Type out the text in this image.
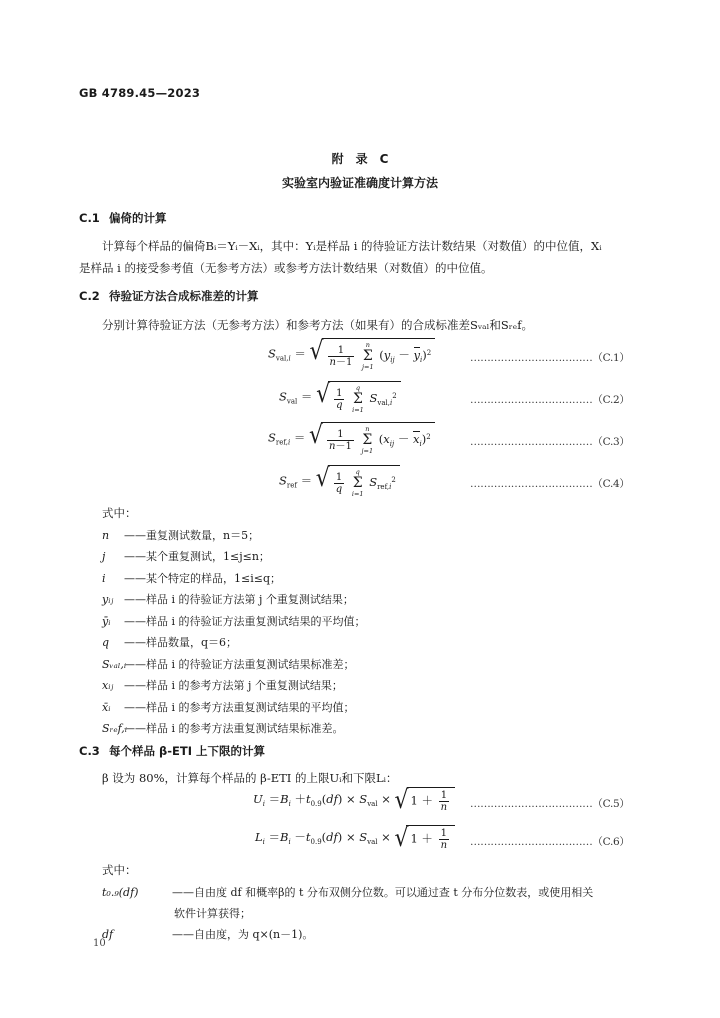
GB 4789.45—2023
附　录　C
实验室内验证准确度计算方法
C.1 偏倚的计算
计算每个样品的偏倚Bᵢ＝Yᵢ－Xᵢ，其中：Yᵢ是样品 i 的待验证方法计数结果（对数值）的中位值，Xᵢ
是样品 i 的接受参考值（无参考方法）或参考方法计数结果（对数值）的中位值。
C.2 待验证方法合成标准差的计算
分别计算待验证方法（无参考方法）和参考方法（如果有）的合成标准差Sᵥₐₗ和Sᵣₑf。
$S_{val,i}$ ＝ √ $\frac{1}{n-1}$
	n
Σ
j=1
$(y_{ij} - y_i)^2$	………………………………（C.1）
$S_{val}$ ＝ √ $\frac{1}{q}$
	q
Σ
i=1
$S_{val,i}^2$	………………………………（C.2）
$S_{ref,i}$ ＝ √ $\frac{1}{n-1}$
	n
Σ
j=1
$(x_{ij} - x_i)^2$	………………………………（C.3）
$S_{ref}$ ＝ √ $\frac{1}{q}$
	q
Σ
i=1
$S_{ref,i}^2$	………………………………（C.4）
式中：
n ——重复测试数量，n＝5；
j ——某个重复测试，1≤j≤n；
i ——某个特定的样品，1≤i≤q；
yᵢⱼ ——样品 i 的待验证方法第 j 个重复测试结果；
ȳᵢ ——样品 i 的待验证方法重复测试结果的平均值；
q ——样品数量，q＝6；
Sᵥₐₗ,ᵢ——样品 i 的待验证方法重复测试结果标准差；
xᵢⱼ ——样品 i 的参考方法第 j 个重复测试结果；
x̄ᵢ ——样品 i 的参考方法重复测试结果的平均值；
Sᵣₑf,ᵢ——样品 i 的参考方法重复测试结果标准差。
C.3 每个样品 β-ETI 上下限的计算
β 设为 80%，计算每个样品的 β-ETI 的上限Uᵢ和下限Lᵢ：
$U_i =B_i +t_{0.9}(df) \times S_{val}$ × √ $1 + \frac{1}{n}$ ………………………………（C.5）
$L_i =B_i -t_{0.9}(df) \times S_{val}$ × √ $1 + \frac{1}{n}$ ………………………………（C.6）
式中：
t₀.₉(df)	——自由度 df 和概率β的 t 分布双侧分位数。可以通过查 t 分布分位数表，或使用相关
软件计算获得；
df	——自由度，为 q×(n－1)。
10
